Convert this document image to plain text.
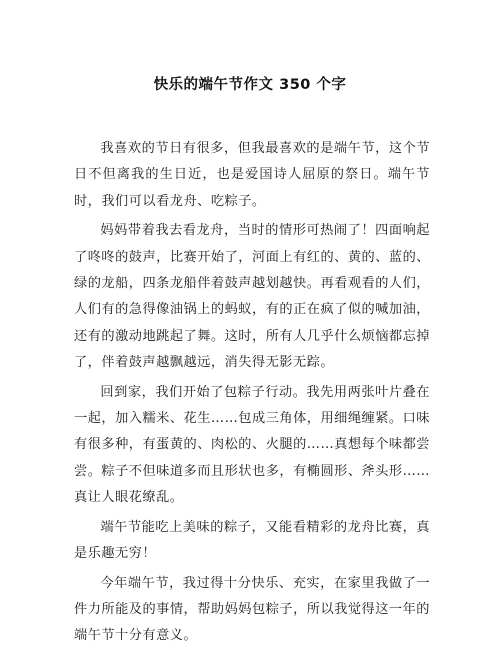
快乐的端午节作文 350 个字

我喜欢的节日有很多，但我最喜欢的是端午节，这个节日不但离我的生日近，也是爱国诗人屈原的祭日。端午节时，我们可以看龙舟、吃粽子。

妈妈带着我去看龙舟，当时的情形可热闹了！四面响起了咚咚的鼓声，比赛开始了，河面上有红的、黄的、蓝的、绿的龙船，四条龙船伴着鼓声越划越快。再看观看的人们，人们有的急得像油锅上的蚂蚁，有的正在疯了似的喊加油，还有的激动地跳起了舞。这时，所有人几乎什么烦恼都忘掉了，伴着鼓声越飘越远，消失得无影无踪。

回到家，我们开始了包粽子行动。我先用两张叶片叠在一起，加入糯米、花生……包成三角体，用细绳缠紧。口味有很多种，有蛋黄的、肉松的、火腿的……真想每个味都尝尝。粽子不但味道多而且形状也多，有椭圆形、斧头形……真让人眼花缭乱。

端午节能吃上美味的粽子，又能看精彩的龙舟比赛，真是乐趣无穷！

今年端午节，我过得十分快乐、充实，在家里我做了一件力所能及的事情，帮助妈妈包粽子，所以我觉得这一年的端午节十分有意义。
